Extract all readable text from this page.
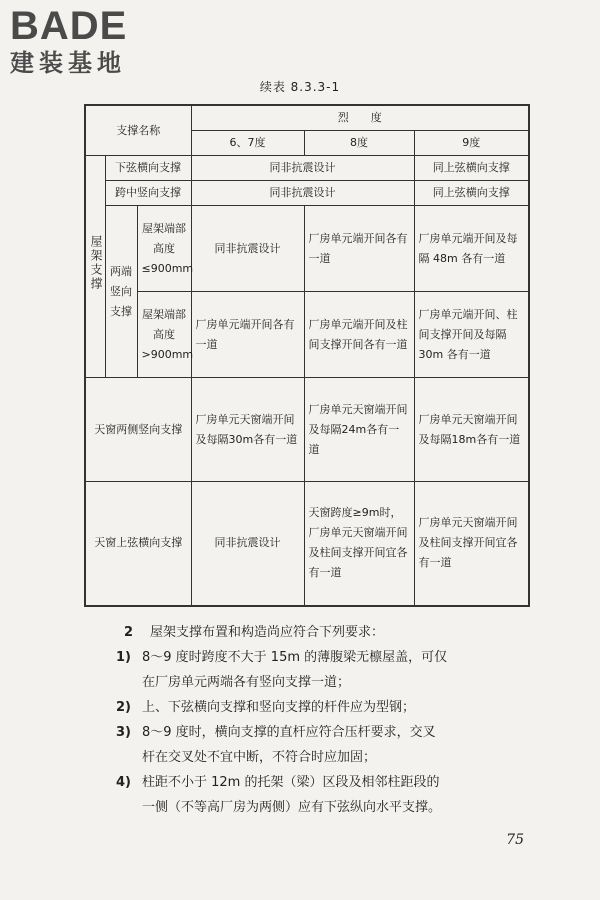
BADE
建装基地
续表 8.3.3-1
支撑名称			烈　　度		
			6、7度	8度	9度
屋架支撑	下弦横向支撑		同非抗震设计		同上弦横向支撑
	跨中竖向支撑		同非抗震设计		同上弦横向支撑
	两端竖向支撑	屋架端部高度≤900mm	同非抗震设计	厂房单元端开间各有一道	厂房单元端开间及每隔 48m 各有一道
		屋架端部高度>900mm	厂房单元端开间各有一道	厂房单元端开间及柱间支撑开间各有一道	厂房单元端开间、柱间支撑开间及每隔 30m 各有一道
天窗两侧竖向支撑			厂房单元天窗端开间及每隔30m各有一道	厂房单元天窗端开间及每隔24m各有一道	厂房单元天窗端开间及每隔18m各有一道
天窗上弦横向支撑			同非抗震设计	天窗跨度≥9m时，厂房单元天窗端开间及柱间支撑开间宜各有一道	厂房单元天窗端开间及柱间支撑开间宜各有一道
2 屋架支撑布置和构造尚应符合下列要求：
1) 8～9 度时跨度不大于 15m 的薄腹梁无檩屋盖，可仅
在厂房单元两端各有竖向支撑一道；
2) 上、下弦横向支撑和竖向支撑的杆件应为型钢；
3) 8～9 度时，横向支撑的直杆应符合压杆要求，交叉
杆在交叉处不宜中断，不符合时应加固；
4) 柱距不小于 12m 的托架（梁）区段及相邻柱距段的
一侧（不等高厂房为两侧）应有下弦纵向水平支撑。
75
